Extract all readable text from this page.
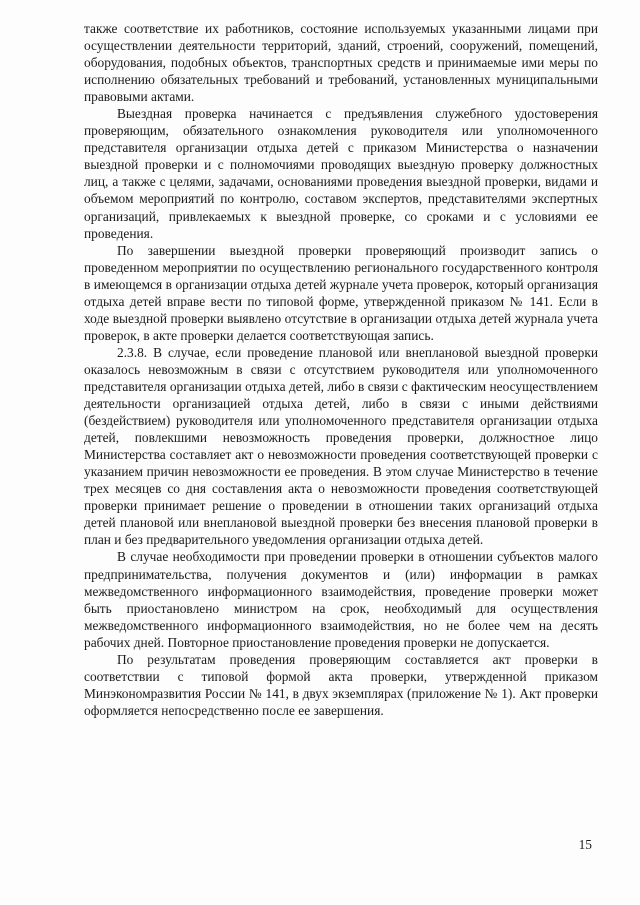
также соответствие их работников, состояние используемых указанными лицами при осуществлении деятельности территорий, зданий, строений, сооружений, помещений, оборудования, подобных объектов, транспортных средств и принимаемые ими меры по исполнению обязательных требований и требований, установленных муниципальными правовыми актами.

Выездная проверка начинается с предъявления служебного удостоверения проверяющим, обязательного ознакомления руководителя или уполномоченного представителя организации отдыха детей с приказом Министерства о назначении выездной проверки и с полномочиями проводящих выездную проверку должностных лиц, а также с целями, задачами, основаниями проведения выездной проверки, видами и объемом мероприятий по контролю, составом экспертов, представителями экспертных организаций, привлекаемых к выездной проверке, со сроками и с условиями ее проведения.

По завершении выездной проверки проверяющий производит запись о проведенном мероприятии по осуществлению регионального государственного контроля в имеющемся в организации отдыха детей журнале учета проверок, который организация отдыха детей вправе вести по типовой форме, утвержденной приказом № 141. Если в ходе выездной проверки выявлено отсутствие в организации отдыха детей журнала учета проверок, в акте проверки делается соответствующая запись.

2.3.8. В случае, если проведение плановой или внеплановой выездной проверки оказалось невозможным в связи с отсутствием руководителя или уполномоченного представителя организации отдыха детей, либо в связи с фактическим неосуществлением деятельности организацией отдыха детей, либо в связи с иными действиями (бездействием) руководителя или уполномоченного представителя организации отдыха детей, повлекшими невозможность проведения проверки, должностное лицо Министерства составляет акт о невозможности проведения соответствующей проверки с указанием причин невозможности ее проведения. В этом случае Министерство в течение трех месяцев со дня составления акта о невозможности проведения соответствующей проверки принимает решение о проведении в отношении таких организаций отдыха детей плановой или внеплановой выездной проверки без внесения плановой проверки в план и без предварительного уведомления организации отдыха детей.

В случае необходимости при проведении проверки в отношении субъектов малого предпринимательства, получения документов и (или) информации в рамках межведомственного информационного взаимодействия, проведение проверки может быть приостановлено министром на срок, необходимый для осуществления межведомственного информационного взаимодействия, но не более чем на десять рабочих дней. Повторное приостановление проведения проверки не допускается.

По результатам проведения проверяющим составляется акт проверки в соответствии с типовой формой акта проверки, утвержденной приказом Минэкономразвития России № 141, в двух экземплярах (приложение № 1). Акт проверки оформляется непосредственно после ее завершения.

15
